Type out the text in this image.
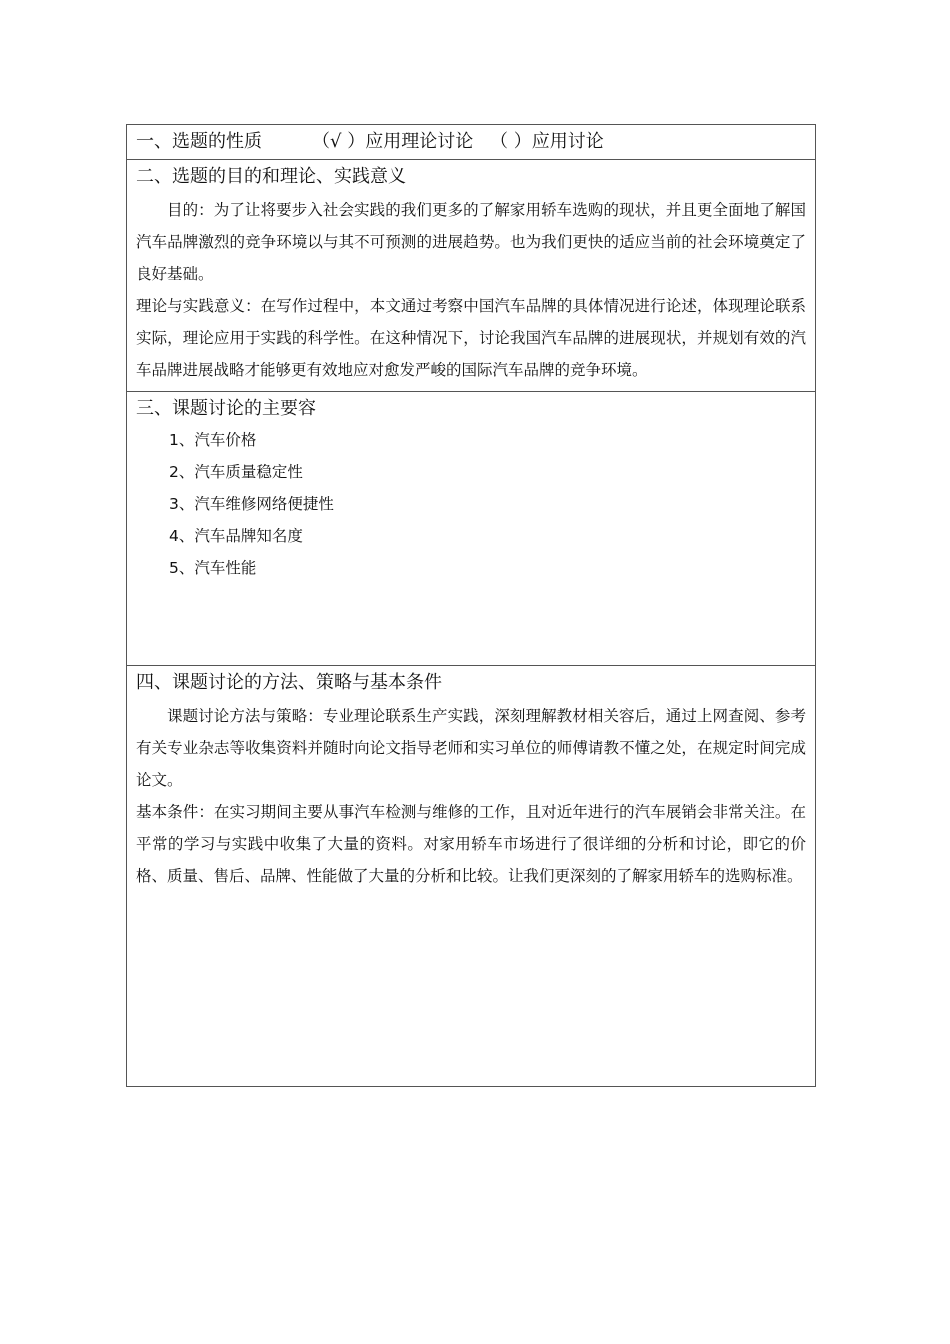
一、选题的性质	（√ ）应用理论讨论 （ ）应用讨论
二、选题的目的和理论、实践意义

目的：为了让将要步入社会实践的我们更多的了解家用轿车选购的现状，并且更全面地了解国汽车品牌激烈的竞争环境以与其不可预测的进展趋势。也为我们更快的适应当前的社会环境奠定了良好基础。

理论与实践意义：在写作过程中，本文通过考察中国汽车品牌的具体情况进行论述，体现理论联系实际，理论应用于实践的科学性。在这种情况下，讨论我国汽车品牌的进展现状，并规划有效的汽车品牌进展战略才能够更有效地应对愈发严峻的国际汽车品牌的竞争环境。

三、课题讨论的主要容

1、汽车价格

2、汽车质量稳定性

3、汽车维修网络便捷性

4、汽车品牌知名度

5、汽车性能

四、课题讨论的方法、策略与基本条件

课题讨论方法与策略：专业理论联系生产实践，深刻理解教材相关容后，通过上网查阅、参考有关专业杂志等收集资料并随时向论文指导老师和实习单位的师傅请教不懂之处，在规定时间完成论文。

基本条件：在实习期间主要从事汽车检测与维修的工作，且对近年进行的汽车展销会非常关注。在平常的学习与实践中收集了大量的资料。对家用轿车市场进行了很详细的分析和讨论，即它的价格、质量、售后、品牌、性能做了大量的分析和比较。让我们更深刻的了解家用轿车的选购标准。
